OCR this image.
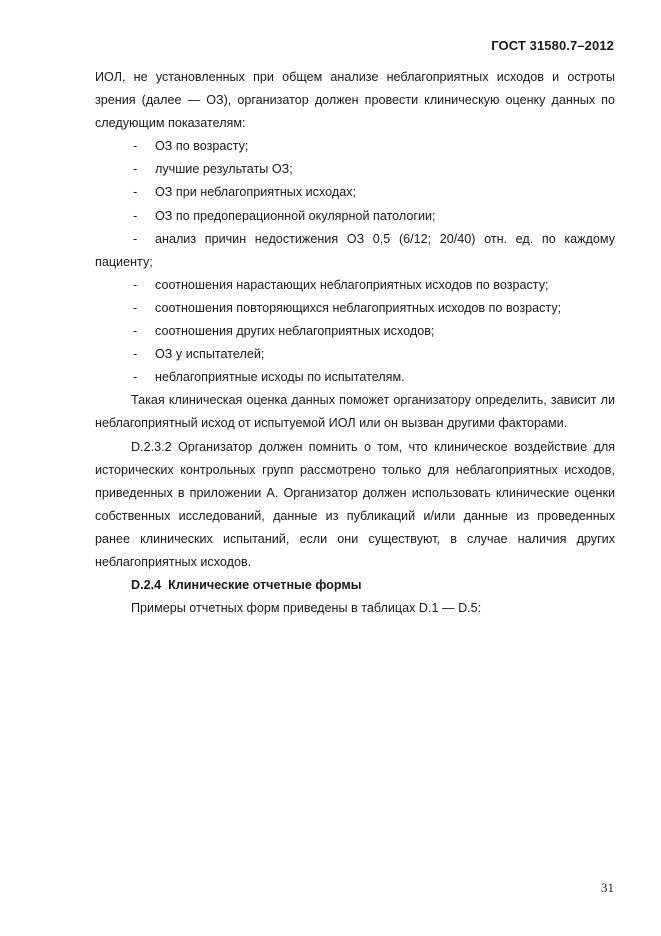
ГОСТ 31580.7–2012

ИОЛ, не установленных при общем анализе неблагоприятных исходов и остроты зрения (далее — ОЗ), организатор должен провести клиническую оценку данных по следующим показателям:

- ОЗ по возрасту;

- лучшие результаты ОЗ;

- ОЗ при неблагоприятных исходах;

- ОЗ по предоперационной окулярной патологии;

- анализ причин недостижения ОЗ 0,5 (6/12; 20/40) отн. ед. по каждому пациенту;

- соотношения нарастающих неблагоприятных исходов по возрасту;

- соотношения повторяющихся неблагоприятных исходов по возрасту;

- соотношения других неблагоприятных исходов;

- ОЗ у испытателей;

- неблагоприятные исходы по испытателям.

Такая клиническая оценка данных поможет организатору определить, зависит ли неблагоприятный исход от испытуемой ИОЛ или он вызван другими факторами.

D.2.3.2 Организатор должен помнить о том, что клиническое воздействие для исторических контрольных групп рассмотрено только для неблагоприятных исходов, приведенных в приложении А. Организатор должен использовать клинические оценки собственных исследований, данные из публикаций и/или данные из проведенных ранее клинических испытаний, если они существуют, в случае наличия других неблагоприятных исходов.

D.2.4 Клинические отчетные формы

Примеры отчетных форм приведены в таблицах D.1 — D.5:

31
